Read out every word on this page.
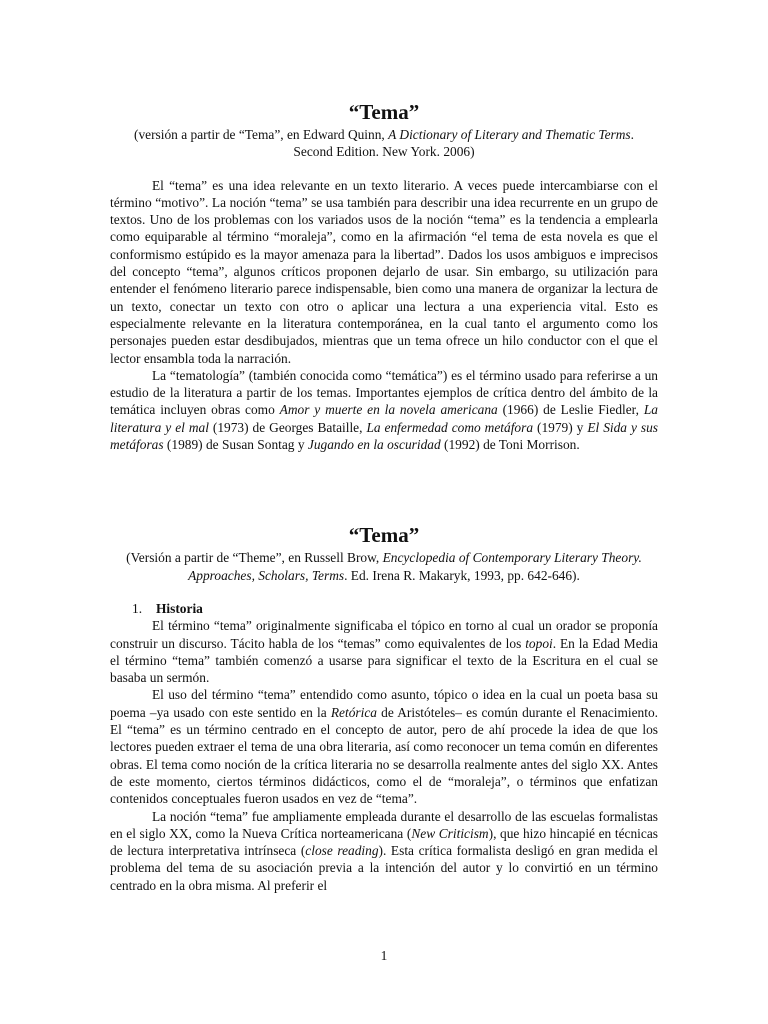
“Tema”
(versión a partir de “Tema”, en Edward Quinn, A Dictionary of Literary and Thematic Terms. Second Edition. New York. 2006)

El “tema” es una idea relevante en un texto literario. A veces puede intercambiarse con el término “motivo”. La noción “tema” se usa también para describir una idea recurrente en un grupo de textos. Uno de los problemas con los variados usos de la noción “tema” es la tendencia a emplearla como equiparable al término “moraleja”, como en la afirmación “el tema de esta novela es que el conformismo estúpido es la mayor amenaza para la libertad”. Dados los usos ambiguos e imprecisos del concepto “tema”, algunos críticos proponen dejarlo de usar. Sin embargo, su utilización para entender el fenómeno literario parece indispensable, bien como una manera de organizar la lectura de un texto, conectar un texto con otro o aplicar una lectura a una experiencia vital. Esto es especialmente relevante en la literatura contemporánea, en la cual tanto el argumento como los personajes pueden estar desdibujados, mientras que un tema ofrece un hilo conductor con el que el lector ensambla toda la narración.

La “tematología” (también conocida como “temática”) es el término usado para referirse a un estudio de la literatura a partir de los temas. Importantes ejemplos de crítica dentro del ámbito de la temática incluyen obras como Amor y muerte en la novela americana (1966) de Leslie Fiedler, La literatura y el mal (1973) de Georges Bataille, La enfermedad como metáfora (1979) y El Sida y sus metáforas (1989) de Susan Sontag y Jugando en la oscuridad (1992) de Toni Morrison.

“Tema”
(Versión a partir de “Theme”, en Russell Brow, Encyclopedia of Contemporary Literary Theory. Approaches, Scholars, Terms. Ed. Irena R. Makaryk, 1993, pp. 642-646).
1. Historia

El término “tema” originalmente significaba el tópico en torno al cual un orador se proponía construir un discurso. Tácito habla de los “temas” como equivalentes de los topoi. En la Edad Media el término “tema” también comenzó a usarse para significar el texto de la Escritura en el cual se basaba un sermón.

El uso del término “tema” entendido como asunto, tópico o idea en la cual un poeta basa su poema –ya usado con este sentido en la Retórica de Aristóteles– es común durante el Renacimiento. El “tema” es un término centrado en el concepto de autor, pero de ahí procede la idea de que los lectores pueden extraer el tema de una obra literaria, así como reconocer un tema común en diferentes obras. El tema como noción de la crítica literaria no se desarrolla realmente antes del siglo XX. Antes de este momento, ciertos términos didácticos, como el de “moraleja”, o términos que enfatizan contenidos conceptuales fueron usados en vez de “tema”.

La noción “tema” fue ampliamente empleada durante el desarrollo de las escuelas formalistas en el siglo XX, como la Nueva Crítica norteamericana (New Criticism), que hizo hincapié en técnicas de lectura interpretativa intrínseca (close reading). Esta crítica formalista desligó en gran medida el problema del tema de su asociación previa a la intención del autor y lo convirtió en un término centrado en la obra misma. Al preferir el

1
